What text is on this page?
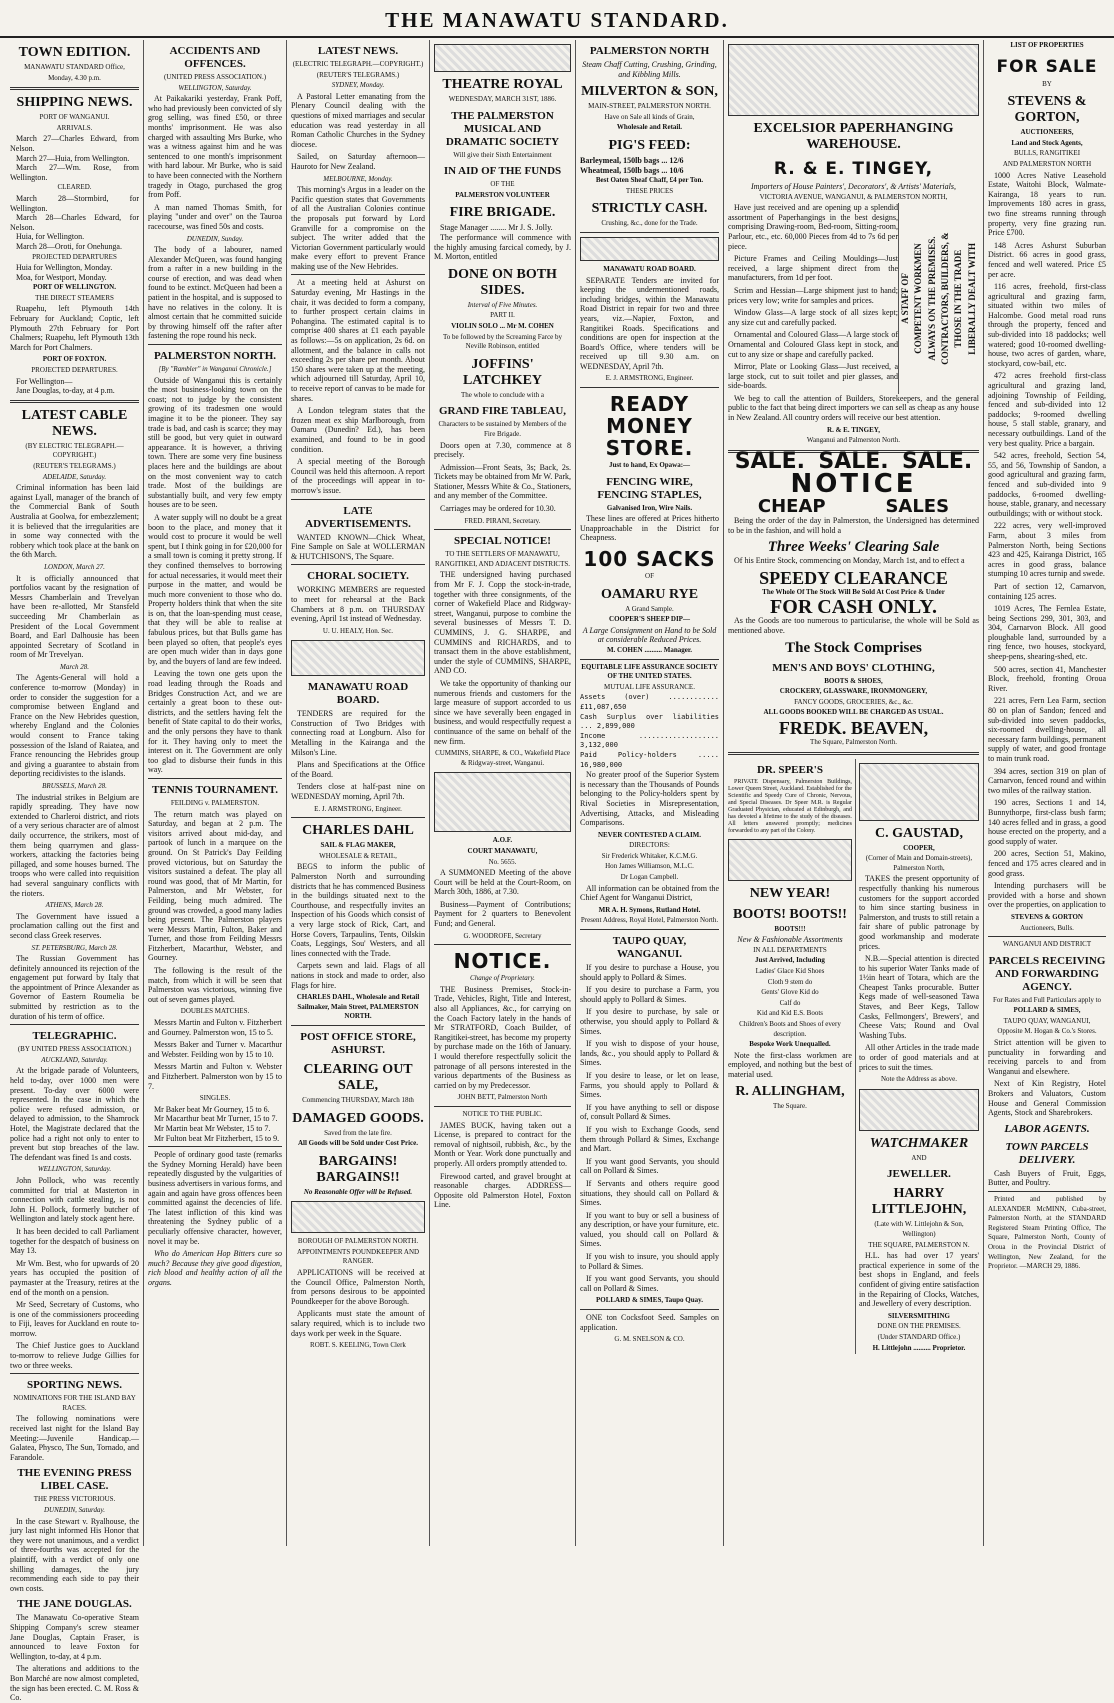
THE MANAWATU STANDARD.
TOWN EDITION.
MANAWATU STANDARD Office,
Monday, 4.30 p.m.
SHIPPING NEWS.
PORT OF WANGANUI.
ARRIVALS.

March 27—Charles Edward, from Nelson.

March 27—Huia, from Wellington.

March 27—Wm. Rose, from Wellington.

CLEARED.

March 28—Stormbird, for Wellington.

March 28—Charles Edward, for Nelson.

Huia, for Wellington.

March 28—Oroti, for Onehunga.

PROJECTED DEPARTURES

Huia for Wellington, Monday.

Moa, for Westport, Monday.

PORT OF WELLINGTON.
THE DIRECT STEAMERS

Ruapehu, left Plymouth 14th February for Auckland; Coptic, left Plymouth 27th February for Port Chalmers; Ruapehu, left Plymouth 13th March for Port Chalmers.

PORT OF FOXTON.
PROJECTED DEPARTURES.

For Wellington—

Jane Douglas, to-day, at 4 p.m.

LATEST CABLE NEWS.
(BY ELECTRIC TELEGRAPH.—COPYRIGHT.)
(REUTER'S TELEGRAMS.)
ADELAIDE, Saturday.

Criminal information has been laid against Lyall, manager of the branch of the Commercial Bank of South Australia at Goolwa, for embezzlement; it is believed that the irregularities are in some way connected with the robbery which took place at the bank on the 6th March.

LONDON, March 27.

It is officially announced that portfolios vacant by the resignation of Messrs Chamberlain and Trevelyan have been re-allotted, Mr Stansfeld succeeding Mr Chamberlain as President of the Local Government Board, and Earl Dalhousie has been appointed Secretary of Scotland in room of Mr Trevelyan.

March 28.

The Agents-General will hold a conference to-morrow (Monday) in order to consider the suggestion for a compromise between England and France on the New Hebrides question, whereby England and the Colonies would consent to France taking possession of the Island of Raiatea, and France renouncing the Hebrides group and giving a guarantee to abstain from deporting recidivistes to the islands.

BRUSSELS, March 28.

The industrial strikes in Belgium are rapidly spreading. They have now extended to Charleroi district, and riots of a very serious character are of almost daily occurrence, the strikers, most of them being quarrymen and glass-workers, attacking the factories being pillaged, and some houses burned. The troops who were called into requisition had several sanguinary conflicts with the rioters.

ATHENS, March 28.

The Government have issued a proclamation calling out the first and second class Greek reserves.

ST. PETERSBURG, March 28.

The Russian Government has definitely announced its rejection of the engagement put forward by Italy that the appointment of Prince Alexander as Governor of Eastern Roumelia be submitted by restriction as to the duration of his term of office.

TELEGRAPHIC.
(BY UNITED PRESS ASSOCIATION.)
AUCKLAND, Saturday.

At the brigade parade of Volunteers, held to-day, over 1000 men were present. To-day over 6000 were represented. In the case in which the police were refused admission, or delayed to admission, to the Shamrock Hotel, the Magistrate declared that the police had a right not only to enter to prevent but stop breaches of the law. The defendant was fined 1s and costs.

WELLINGTON, Saturday.

John Pollock, who was recently committed for trial at Masterton in connection with cattle stealing, is not John H. Pollock, formerly butcher of Wellington and lately stock agent here.

It has been decided to call Parliament together for the despatch of business on May 13.

Mr Wm. Best, who for upwards of 20 years has occupied the position of paymaster at the Treasury, retires at the end of the month on a pension.

Mr Seed, Secretary of Customs, who is one of the commissioners proceeding to Fiji, leaves for Auckland en route to-morrow.

The Chief Justice goes to Auckland to-morrow to relieve Judge Gillies for two or three weeks.

SPORTING NEWS.
NOMINATIONS FOR THE ISLAND BAY RACES.

The following nominations were received last night for the Island Bay Meeting:—Juvenile Handicap.—Galatea, Physco, The Sun, Tornado, and Farandole.

THE EVENING PRESS LIBEL CASE.
THE PRESS VICTORIOUS.
DUNEDIN, Saturday.

In the case Stewart v. Ryalhouse, the jury last night informed His Honor that they were not unanimous, and a verdict of three-fourths was accepted for the plaintiff, with a verdict of only one shilling damages, the jury recommending each side to pay their own costs.

THE JANE DOUGLAS.

The Manawatu Co-operative Steam Shipping Company's screw steamer Jane Douglas, Captain Fraser, is announced to leave Foxton for Wellington, to-day, at 4 p.m.

The alterations and additions to the Bon Marché are now almost completed, the sign has been erected. C. M. Ross & Co.

ACCIDENTS AND OFFENCES.
(UNITED PRESS ASSOCIATION.)
WELLINGTON, Saturday.

At Paikakariki yesterday, Frank Poff, who had previously been convicted of sly grog selling, was fined £50, or three months' imprisonment. He was also charged with assaulting Mrs Burke, who was a witness against him and he was sentenced to one month's imprisonment with hard labour. Mr Burke, who is said to have been connected with the Northern tragedy in Otago, purchased the grog from Poff.

A man named Thomas Smith, for playing "under and over" on the Tauroa racecourse, was fined 50s and costs.

DUNEDIN, Sunday.

The body of a labourer, named Alexander McQueen, was found hanging from a rafter in a new building in the course of erection, and was dead when found to be extinct. McQueen had been a patient in the hospital, and is supposed to have no relatives in the colony. It is almost certain that he committed suicide by throwing himself off the rafter after fastening the rope round his neck.

PALMERSTON NORTH.
[By "Rambler" in Wanganui Chronicle.]

Outside of Wanganui this is certainly the most business-looking town on the coast; not to judge by the consistent growing of its tradesmen one would imagine it to be the pioneer. They say trade is bad, and cash is scarce; they may still be good, but very quiet in outward appearance. It is however, a thriving town. There are some very fine business places here and the buildings are about on the most convenient way to catch trade. Most of the buildings are substantially built, and very few empty houses are to be seen.

A water supply will no doubt be a great boon to the place, and money that it would cost to procure it would be well spent, but I think going in for £20,000 for a small town is coming it pretty strong. If they confined themselves to borrowing for actual necessaries, it would meet their purpose in the matter, and would be much more convenient to those who do. Property holders think that when the site is on, that the loan-spending must cease, that they will be able to realise at fabulous prices, but that Bulls game has been played so often, that people's eyes are open much wider than in days gone by, and the buyers of land are few indeed.

Leaving the town one gets upon the road leading through the Roads and Bridges Construction Act, and we are certainly a great boon to these out-districts, and the settlers having felt the benefit of State capital to do their works, and the only persons they have to thank for it. They having only to meet the interest on it. The Government are only too glad to disburse their funds in this way.

TENNIS TOURNAMENT.
FEILDING v. PALMERSTON.

The return match was played on Saturday, and began at 2 p.m. The visitors arrived about mid-day, and partook of lunch in a marquee on the ground. On St Patrick's Day Feilding proved victorious, but on Saturday the visitors sustained a defeat. The play all round was good, that of Mr Martin, for Palmerston, and Mr Webster, for Feilding, being much admired. The ground was crowded, a good many ladies being present. The Palmerston players were Messrs Martin, Fulton, Baker and Turner, and those from Feilding Messrs Fitzherbert, Macarthur, Webster, and Gourney.

The following is the result of the match, from which it will be seen that Palmerston was victorious, winning five out of seven games played.

DOUBLES MATCHES.

Messrs Martin and Fulton v. Fitzherbert and Gourney. Palmerston won, 15 to 5.

Messrs Baker and Turner v. Macarthur and Webster. Feilding won by 15 to 10.

Messrs Martin and Fulton v. Webster and Fitzherbert. Palmerston won by 15 to 7.

SINGLES.

Mr Baker beat Mr Gourney, 15 to 6.

Mr Macarthur beat Mr Turner, 15 to 7.

Mr Martin beat Mr Webster, 15 to 7.

Mr Fulton beat Mr Fitzherbert, 15 to 9.

People of ordinary good taste (remarks the Sydney Morning Herald) have been repeatedly disgusted by the vulgarities of business advertisers in various forms, and again and again have gross offences been committed against the decencies of life. The latest infliction of this kind was threatening the Sydney public of a peculiarly offensive character, however, novel it may be.

Who do American Hop Bitters cure so much? Because they give good digestion, rich blood and healthy action of all the organs.

LATEST NEWS.
(ELECTRIC TELEGRAPH.—COPYRIGHT.)
(REUTER'S TELEGRAMS.)
SYDNEY, Monday.

A Pastoral Letter emanating from the Plenary Council dealing with the questions of mixed marriages and secular education was read yesterday in all Roman Catholic Churches in the Sydney diocese.

Sailed, on Saturday afternoon—Hauroto for New Zealand.

MELBOURNE, Monday.

This morning's Argus in a leader on the Pacific question states that Governments of all the Australian Colonies continue the proposals put forward by Lord Granville for a compromise on the subject. The writer added that the Victorian Government particularly would make every effort to prevent France making use of the New Hebrides.

At a meeting held at Ashurst on Saturday evening, Mr Hastings in the chair, it was decided to form a company, to further prospect certain claims in Pohangina. The estimated capital is to comprise 400 shares at £1 each payable as follows:—5s on application, 2s 6d. on allotment, and the balance in calls not exceeding 2s per share per month. About 150 shares were taken up at the meeting, which adjourned till Saturday, April 10, to receive report of canvas to be made for shares.

A London telegram states that the frozen meat ex ship Marlborough, from Oamaru (Dunedin? Ed.), has been examined, and found to be in good condition.

A special meeting of the Borough Council was held this afternoon. A report of the proceedings will appear in to-morrow's issue.

LATE ADVERTISEMENTS.

WANTED KNOWN—Chick Wheat, Fine Sample on Sale at WOLLERMAN & HUTCHISON'S, The Square.

CHORAL SOCIETY.

WORKING MEMBERS are requested to meet for rehearsal at the Back Chambers at 8 p.m. on THURSDAY evening, April 1st instead of Wednesday.

U. U. HEALY, Hon. Sec.
MANAWATU ROAD BOARD.

TENDERS are required for the Construction of Two Bridges with connecting road at Longburn. Also for Metalling in the Kairanga and the Milson's Line.

Plans and Specifications at the Office of the Board.

Tenders close at half-past nine on WEDNESDAY morning, April 7th.

E. J. ARMSTRONG, Engineer.
CHARLES DAHL
SAIL & FLAG MAKER,
WHOLESALE & RETAIL,

BEGS to inform the public of Palmerston North and surrounding districts that he has commenced Business in the buildings situated next to the Courthouse, and respectfully invites an Inspection of his Goods which consist of a very large stock of Rick, Cart, and Horse Covers, Tarpaulins, Tents, Oilskin Coats, Leggings, Sou' Westers, and all lines connected with the Trade.

Carpets sewn and laid. Flags of all nations in stock and made to order, also Flags for hire.

CHARLES DAHL, Wholesale and Retail Sailmaker, Main Street, PALMERSTON NORTH.
POST OFFICE STORE, ASHURST.
CLEARING OUT SALE,
Commencing THURSDAY, March 18th
DAMAGED GOODS.
Saved from the late fire.
All Goods will be Sold under Cost Price.
BARGAINS! BARGAINS!!
No Reasonable Offer will be Refused.
BOROUGH OF PALMERSTON NORTH.
APPOINTMENTS POUNDKEEPER AND RANGER.

APPLICATIONS will be received at the Council Office, Palmerston North, from persons desirous to be appointed Poundkeeper for the above Borough.

Applicants must state the amount of salary required, which is to include two days work per week in the Square.

ROBT. S. KEELING, Town Clerk
THEATRE ROYAL
WEDNESDAY, MARCH 31ST, 1886.
THE PALMERSTON MUSICAL AND DRAMATIC SOCIETY
Will give their Sixth Entertainment
IN AID OF THE FUNDS
OF THE
PALMERSTON VOLUNTEER
FIRE BRIGADE.

Stage Manager ........ Mr J. S. Jolly.

The performance will commence with the highly amusing farcical comedy, by J. M. Morton, entitled

DONE ON BOTH SIDES.
Interval of Five Minutes.
PART II.
VIOLIN SOLO ... Mr M. COHEN
To be followed by the Screaming Farce by Neville Robinson, entitled
JOFFINS' LATCHKEY
The whole to conclude with a
GRAND FIRE TABLEAU,
Characters to be sustained by Members of the Fire Brigade.

Doors open at 7.30, commence at 8 precisely.

Admission—Front Seats, 3s; Back, 2s. Tickets may be obtained from Mr W. Park, Stationer, Messrs White & Co., Stationers, and any member of the Committee.

Carriages may be ordered for 10.30.

FRED. PIRANI, Secretary.
SPECIAL NOTICE!
TO THE SETTLERS OF MANAWATU, RANGITIKEI, AND ADJACENT DISTRICTS.

THE undersigned having purchased from Mr F. J. Copp the stock-in-trade, together with three consignments, of the corner of Wakefield Place and Ridgway-street, Wanganui, purpose to combine the several businesses of Messrs T. D. CUMMINS, J. G. SHARPE, and CUMMINS and RICHARDS, and to transact them in the above establishment, under the style of CUMMINS, SHARPE, AND CO.

We take the opportunity of thanking our numerous friends and customers for the large measure of support accorded to us since we have severally been engaged in business, and would respectfully request a continuance of the same on behalf of the new firm.

CUMMINS, SHARPE, & CO., Wakefield Place & Ridgway-street, Wanganui.
A.O.F.
COURT MANAWATU,
No. 5655.

A SUMMONED Meeting of the above Court will be held at the Court-Room, on March 30th, 1886, at 7.30.

Business—Payment of Contributions; Payment for 2 quarters to Benevolent Fund; and General.

G. WOODROFE, Secretary
NOTICE.
Change of Proprietary.

THE Business Premises, Stock-in-Trade, Vehicles, Right, Title and Interest, also all Appliances, &c., for carrying on the Coach Factory lately in the hands of Mr STRATFORD, Coach Builder, of Rangitikei-street, has become my property by purchase made on the 16th of January. I would therefore respectfully solicit the patronage of all persons interested in the various departments of the Business as carried on by my Predecessor.

JOHN BETT, Palmerston North
NOTICE TO THE PUBLIC.

JAMES BUCK, having taken out a License, is prepared to contract for the removal of nightsoil, rubbish, &c., by the Month or Year. Work done punctually and properly. All orders promptly attended to.

Firewood carted, and gravel brought at reasonable charges. ADDRESS—Opposite old Palmerston Hotel, Foxton Line.

PALMERSTON NORTH
Steam Chaff Cutting, Crushing, Grinding, and Kibbling Mills.
MILVERTON & SON,
MAIN-STREET, PALMERSTON NORTH.
Have on Sale all kinds of Grain,
Wholesale and Retail.
PIG'S FEED:
Barleymeal, 150lb bags ... 12/6
Wheatmeal, 150lb bags ... 10/6
Best Oaten Sheaf Chaff, £4 per Ton.
THESE PRICES
STRICTLY CASH.
Crushing, &c., done for the Trade.
MANAWATU ROAD BOARD.

SEPARATE Tenders are invited for keeping the undermentioned roads, including bridges, within the Manawatu Road District in repair for two and three years, viz.—Napier, Foxton, and Rangitikei Roads. Specifications and conditions are open for inspection at the Board's Office, where tenders will be received up till 9.30 a.m. on WEDNESDAY, April 7th.

E. J. ARMSTRONG, Engineer.
READY MONEY STORE.
Just to hand, Ex Opawa:—
FENCING WIRE, FENCING STAPLES,
Galvanised Iron, Wire Nails.

These lines are offered at Prices hitherto Unapproachable in the District for Cheapness.

100 SACKS
OF
OAMARU RYE
A Grand Sample.
COOPER'S SHEEP DIP—
A Large Consignment on Hand to be Sold at considerable Reduced Prices.
M. COHEN .......... Manager.
EQUITABLE LIFE ASSURANCE SOCIETY OF THE UNITED STATES.
MUTUAL LIFE ASSURANCE.
Assets (over) ............ £11,087,650
Cash Surplus over liabilities ... 2,899,000
Income ................... 3,132,000
Paid Policy-holders ..... 16,980,000

No greater proof of the Superior System is necessary than the Thousands of Pounds belonging to the Policy-holders spent by Rival Societies in Misrepresentation, Advertising, Attacks, and Misleading Comparisons.

NEVER CONTESTED A CLAIM.
DIRECTORS:
Sir Frederick Whitaker, K.C.M.G.
Hon James Williamson, M.L.C.
Dr Logan Campbell.

All information can be obtained from the Chief Agent for Wanganui District,

MR A. H. Symons, Rutland Hotel.
Present Address, Royal Hotel, Palmerston North.
TAUPO QUAY, WANGANUI.

If you desire to purchase a House, you should apply to Pollard & Simes.

If you desire to purchase a Farm, you should apply to Pollard & Simes.

If you desire to purchase, by sale or otherwise, you should apply to Pollard & Simes.

If you wish to dispose of your house, lands, &c., you should apply to Pollard & Simes.

If you desire to lease, or let on lease, Farms, you should apply to Pollard & Simes.

If you have anything to sell or dispose of, consult Pollard & Simes.

If you wish to Exchange Goods, send them through Pollard & Simes, Exchange and Mart.

If you want good Servants, you should call on Pollard & Simes.

If Servants and others require good situations, they should call on Pollard & Simes.

If you want to buy or sell a business of any description, or have your furniture, etc. valued, you should call on Pollard & Simes.

If you wish to insure, you should apply to Pollard & Simes.

If you want good Servants, you should call on Pollard & Simes.

POLLARD & SIMES, Taupo Quay.

ONE ton Cocksfoot Seed. Samples on application.

G. M. SNELSON & CO.
EXCELSIOR PAPERHANGING WAREHOUSE.
R. & E. TINGEY,
Importers of House Painters', Decorators', & Artists' Materials,
VICTORIA AVENUE, WANGANUI, & PALMERSTON NORTH,

Have just received and are opening up a splendid assortment of Paperhangings in the best designs, comprising Drawing-room, Bed-room, Sitting-room, Parlour, etc., etc. 60,000 Pieces from 4d to 7s 6d per piece.

Picture Frames and Ceiling Mouldings—Just received, a large shipment direct from the manufacturers, from 1d per foot.

Scrim and Hessian—Large shipment just to hand; prices very low; write for samples and prices.

Window Glass—A large stock of all sizes kept; any size cut and carefully packed.

Ornamental and Coloured Glass—A large stock of Ornamental and Coloured Glass kept in stock, and cut to any size or shape and carefully packed.

Mirror, Plate or Looking Glass—Just received, a large stock, cut to suit toilet and pier glasses, and side-boards.

A STAFF OF COMPETENT WORKMEN ALWAYS ON THE PREMISES. CONTRACTORS, BUILDERS, & THOSE IN THE TRADE LIBERALLY DEALT WITH

We beg to call the attention of Builders, Storekeepers, and the general public to the fact that being direct importers we can sell as cheap as any house in New Zealand. All country orders will receive our best attention.

R. & E. TINGEY,
Wanganui and Palmerston North.
SALE. SALE. SALE.
NOTICE
CHEAP	SALES

Being the order of the day in Palmerston, the Undersigned has determined to be in the fashion, and will hold a

Three Weeks' Clearing Sale

Of his Entire Stock, commencing on Monday, March 1st, and to effect a

SPEEDY CLEARANCE
The Whole Of The Stock Will Be Sold At Cost Price & Under
FOR CASH ONLY.

As the Goods are too numerous to particularise, the whole will be Sold as mentioned above.

The Stock Comprises
MEN'S AND BOYS' CLOTHING,
BOOTS & SHOES,
CROCKERY, GLASSWARE, IRONMONGERY,
FANCY GOODS, GROCERIES, &c., &c.
ALL GOODS BOOKED WILL BE CHARGED AS USUAL.
FREDK. BEAVEN,
The Square, Palmerston North.
DR. SPEER'S

PRIVATE Dispensary, Palmerston Buildings, Lower Queen Street, Auckland. Established for the Scientific and Speedy Cure of Chronic, Nervous, and Special Diseases. Dr Speer M.R. is Regular Graduated Physician, educated at Edinburgh, and has devoted a lifetime to the study of the diseases. All letters answered promptly; medicines forwarded to any part of the Colony.

NEW YEAR!
BOOTS! BOOTS!!
BOOTS!!!
New & Fashionable Assortments
IN ALL DEPARTMENTS
Just Arrived, Including
Ladies' Glace Kid Shoes
Cloth 9 stem do
Gents' Glove Kid do
Calf do
Kid and Kid E.S. Boots
Children's Boots and Shoes of every description.
Bespoke Work Unequalled.

Note the first-class workmen are employed, and nothing but the best of material used.

R. ALLINGHAM,
The Square.
C. GAUSTAD,
COOPER,
(Corner of Main and Domain-streets), Palmerston North,

TAKES the present opportunity of respectfully thanking his numerous customers for the support accorded to him since starting business in Palmerston, and trusts to still retain a fair share of public patronage by good workmanship and moderate prices.

N.B.—Special attention is directed to his superior Water Tanks made of 1½in heart of Totara, which are the Cheapest Tanks procurable. Butter Kegs made of well-seasoned Tawa Staves, and Beer Kegs, Tallow Casks, Fellmongers', Brewers', and Cheese Vats; Round and Oval Washing Tubs.

All other Articles in the trade made to order of good materials and at prices to suit the times.

Note the Address as above.
WATCHMAKER
AND
JEWELLER.
HARRY LITTLEJOHN,
(Late with W. Littlejohn & Son, Wellington)
THE SQUARE, PALMERSTON N.

H.L. has had over 17 years' practical experience in some of the best shops in England, and feels confident of giving entire satisfaction in the Repairing of Clocks, Watches, and Jewellery of every description.

SILVERSMITHING
DONE ON THE PREMISES.
(Under STANDARD Office.)
H. Littlejohn .......... Proprietor.
LIST OF PROPERTIES
FOR SALE
BY
STEVENS & GORTON,
AUCTIONEERS,
Land and Stock Agents,
BULLS, RANGITIKEI
AND PALMERSTON NORTH

1000 Acres Native Leasehold Estate, Waitohi Block, Walmate-Kairanga, 18 years to run. Improvements 180 acres in grass, two fine streams running through property, very fine grazing run. Price £700.

148 Acres Ashurst Suburban District. 66 acres in good grass, fenced and well watered. Price £5 per acre.

116 acres, freehold, first-class agricultural and grazing farm, situated within two miles of Halcombe. Good metal road runs through the property, fenced and sub-divided into 18 paddocks; well watered; good 10-roomed dwelling-house, two acres of garden, whare, stockyard, cow-bail, etc.

472 acres freehold first-class agricultural and grazing land, adjoining Township of Feilding, fenced and sub-divided into 12 paddocks; 9-roomed dwelling house, 5 stall stable, granary, and necessary outbuildings. Land of the very best quality. Price a bargain.

542 acres, freehold, Section 54, 55, and 56, Township of Sandon, a good agricultural and grazing farm, fenced and sub-divided into 9 paddocks, 6-roomed dwelling-house, stable, granary, and necessary outbuildings; with or without stock.

222 acres, very well-improved Farm, about 3 miles from Palmerston North, being Sections 423 and 425, Kairanga District, 165 acres in good grass, balance stumping 10 acres turnip and swede.

Part of section 12, Carnarvon, containing 125 acres.

1019 Acres, The Fernlea Estate, being Sections 299, 301, 303, and 304, Carnarvon Block. All good ploughable land, surrounded by a ring fence, two houses, stockyard, sheep-pens, shearing-shed, etc.

500 acres, section 41, Manchester Block, freehold, fronting Oroua River.

221 acres, Fern Lea Farm, section 80 on plan of Sandon; fenced and sub-divided into seven paddocks, six-roomed dwelling-house, all necessary farm buildings, permanent supply of water, and good frontage to main trunk road.

394 acres, section 319 on plan of Carnarvon, fenced round and within two miles of the railway station.

190 acres, Sections 1 and 14, Bunnythorpe, first-class bush farm; 140 acres felled and in grass, a good house erected on the property, and a good supply of water.

200 acres, Section 51, Makino, fenced and 175 acres cleared and in good grass.

Intending purchasers will be provided with a horse and shown over the properties, on application to

STEVENS & GORTON
Auctioneers, Bulls.
WANGANUI AND DISTRICT
PARCELS RECEIVING AND FORWARDING AGENCY.
For Rates and Full Particulars apply to
POLLARD & SIMES,
TAUPO QUAY, WANGANUI,
Opposite M. Hogan & Co.'s Stores.

Strict attention will be given to punctuality in forwarding and receiving parcels to and from Wanganui and elsewhere.

Next of Kin Registry, Hotel Brokers and Valuators, Custom House and General Commission Agents, Stock and Sharebrokers.

LABOR AGENTS.
TOWN PARCELS DELIVERY.

Cash Buyers of Fruit, Eggs, Butter, and Poultry.

Printed and published by ALEXANDER McMINN, Cuba-street, Palmerston North, at the STANDARD Registered Steam Printing Office, The Square, Palmerston North, County of Oroua in the Provincial District of Wellington, New Zealand, for the Proprietor. —MARCH 29, 1886.
